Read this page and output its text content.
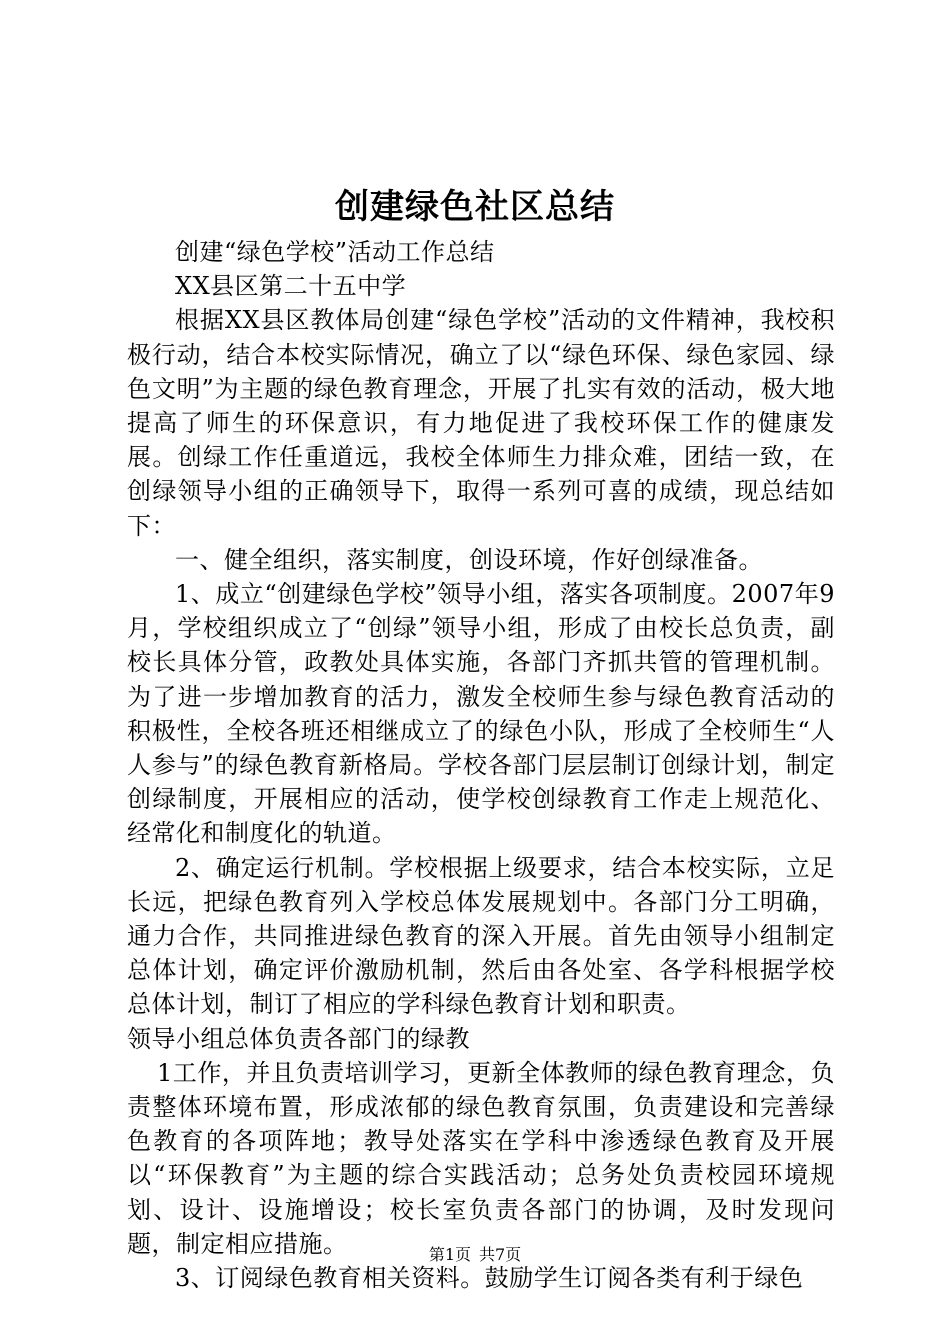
创建绿色社区总结

创建“绿色学校”活动工作总结

XX县区第二十五中学

根据XX县区教体局创建“绿色学校”活动的文件精神，我校积极行动，结合本校实际情况，确立了以“绿色环保、绿色家园、绿色文明”为主题的绿色教育理念，开展了扎实有效的活动，极大地提高了师生的环保意识，有力地促进了我校环保工作的健康发展。创绿工作任重道远，我校全体师生力排众难，团结一致，在创绿领导小组的正确领导下，取得一系列可喜的成绩，现总结如下：

一、健全组织，落实制度，创设环境，作好创绿准备。

1、成立“创建绿色学校”领导小组，落实各项制度。2007年9月，学校组织成立了“创绿”领导小组，形成了由校长总负责，副校长具体分管，政教处具体实施，各部门齐抓共管的管理机制。为了进一步增加教育的活力，激发全校师生参与绿色教育活动的积极性，全校各班还相继成立了的绿色小队，形成了全校师生“人人参与”的绿色教育新格局。学校各部门层层制订创绿计划，制定创绿制度，开展相应的活动，使学校创绿教育工作走上规范化、经常化和制度化的轨道。

2、确定运行机制。学校根据上级要求，结合本校实际，立足长远，把绿色教育列入学校总体发展规划中。各部门分工明确，通力合作，共同推进绿色教育的深入开展。首先由领导小组制定总体计划，确定评价激励机制，然后由各处室、各学科根据学校总体计划，制订了相应的学科绿色教育计划和职责。

领导小组总体负责各部门的绿教

1工作，并且负责培训学习，更新全体教师的绿色教育理念，负责整体环境布置，形成浓郁的绿色教育氛围，负责建设和完善绿色教育的各项阵地；教导处落实在学科中渗透绿色教育及开展以“环保教育”为主题的综合实践活动；总务处负责校园环境规划、设计、设施增设；校长室负责各部门的协调，及时发现问题，制定相应措施。

3、订阅绿色教育相关资料。鼓励学生订阅各类有利于绿色

第1页 共7页
